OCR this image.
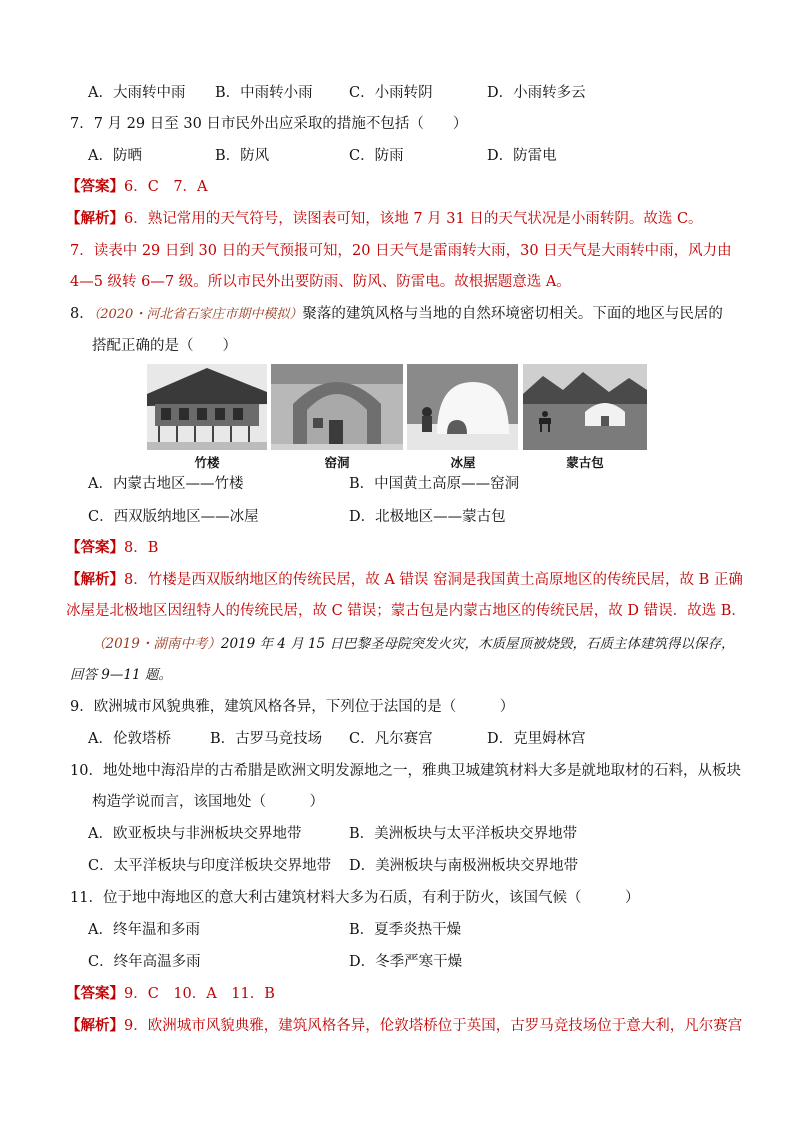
A．大雨转中雨 B．中雨转小雨	C．小雨转阴	D．小雨转多云
7．7 月 29 日至 30 日市民外出应采取的措施不包括（　　）
A．防晒	B．防风	C．防雨	D．防雷电
【答案】6．C　7．A
【解析】6．熟记常用的天气符号，读图表可知，该地 7 月 31 日的天气状况是小雨转阴。故选 C。
7．读表中 29 日到 30 日的天气预报可知，20 日天气是雷雨转大雨，30 日天气是大雨转中雨，风力由
4—5 级转 6—7 级。所以市民外出要防雨、防风、防雷电。故根据题意选 A。
8．（2020・河北省石家庄市期中模拟）聚落的建筑风格与当地的自然环境密切相关。下面的地区与民居的
搭配正确的是（　　）
竹楼	窑洞	冰屋	蒙古包
A．内蒙古地区——竹楼	B．中国黄土高原——窑洞
C．西双版纳地区——冰屋	D．北极地区——蒙古包
【答案】8．B
【解析】8．竹楼是西双版纳地区的传统民居，故 A 错误 窑洞是我国黄土高原地区的传统民居，故 B 正确
冰屋是北极地区因纽特人的传统民居，故 C 错误；蒙古包是内蒙古地区的传统民居，故 D 错误．故选 B．
（2019・湖南中考）2019 年 4 月 15 日巴黎圣母院突发火灾，木质屋顶被烧毁，石质主体建筑得以保存，
回答 9—11 题。
9．欧洲城市风貌典雅，建筑风格各异，下列位于法国的是（　　　）
A．伦敦塔桥	B．古罗马竞技场 C．凡尔赛宫	D．克里姆林宫
10．地处地中海沿岸的古希腊是欧洲文明发源地之一，雅典卫城建筑材料大多是就地取材的石料，从板块
构造学说而言，该国地处（　　　）
A．欧亚板块与非洲板块交界地带	B．美洲板块与太平洋板块交界地带
C．太平洋板块与印度洋板块交界地带 D．美洲板块与南极洲板块交界地带
11．位于地中海地区的意大利古建筑材料大多为石质，有利于防火，该国气候（　　　）
A．终年温和多雨	B．夏季炎热干燥
C．终年高温多雨	D．冬季严寒干燥
【答案】9．C　10．A　11．B
【解析】9．欧洲城市风貌典雅，建筑风格各异，伦敦塔桥位于英国，古罗马竞技场位于意大利，凡尔赛宫
